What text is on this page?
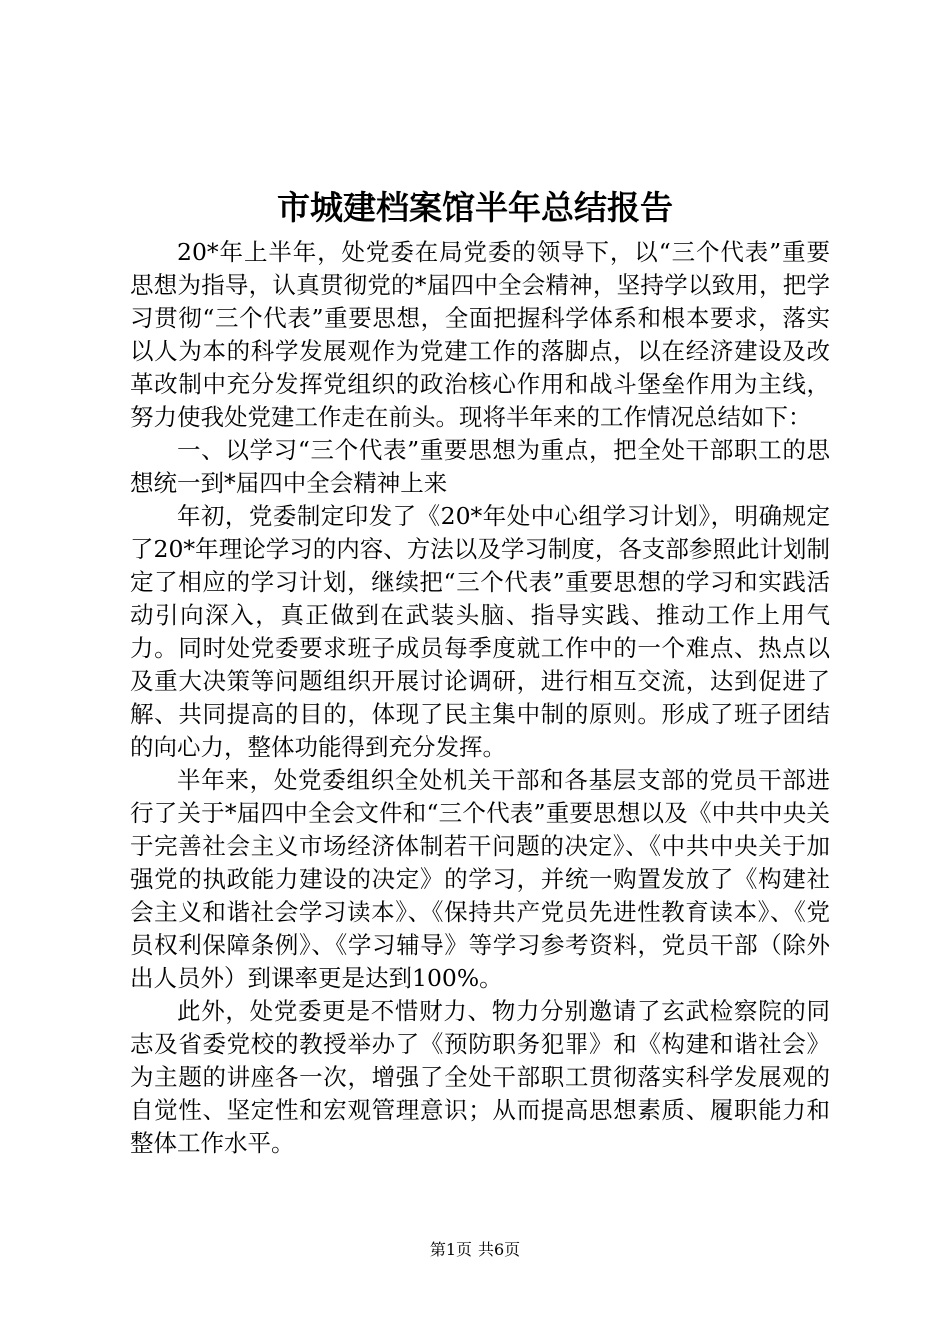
市城建档案馆半年总结报告

20*年上半年，处党委在局党委的领导下，以“三个代表”重要思想为指导，认真贯彻党的*届四中全会精神，坚持学以致用，把学习贯彻“三个代表”重要思想，全面把握科学体系和根本要求，落实以人为本的科学发展观作为党建工作的落脚点，以在经济建设及改革改制中充分发挥党组织的政治核心作用和战斗堡垒作用为主线，努力使我处党建工作走在前头。现将半年来的工作情况总结如下：

一、以学习“三个代表”重要思想为重点，把全处干部职工的思想统一到*届四中全会精神上来

年初，党委制定印发了《20*年处中心组学习计划》，明确规定了20*年理论学习的内容、方法以及学习制度，各支部参照此计划制定了相应的学习计划，继续把“三个代表”重要思想的学习和实践活动引向深入，真正做到在武装头脑、指导实践、推动工作上用气力。同时处党委要求班子成员每季度就工作中的一个难点、热点以及重大决策等问题组织开展讨论调研，进行相互交流，达到促进了解、共同提高的目的，体现了民主集中制的原则。形成了班子团结的向心力，整体功能得到充分发挥。

半年来，处党委组织全处机关干部和各基层支部的党员干部进行了关于*届四中全会文件和“三个代表”重要思想以及《中共中央关于完善社会主义市场经济体制若干问题的决定》、《中共中央关于加强党的执政能力建设的决定》的学习，并统一购置发放了《构建社会主义和谐社会学习读本》、《保持共产党员先进性教育读本》、《党员权利保障条例》、《学习辅导》等学习参考资料，党员干部（除外出人员外）到课率更是达到100%。

此外，处党委更是不惜财力、物力分别邀请了玄武检察院的同志及省委党校的教授举办了《预防职务犯罪》和《构建和谐社会》为主题的讲座各一次，增强了全处干部职工贯彻落实科学发展观的自觉性、坚定性和宏观管理意识；从而提高思想素质、履职能力和整体工作水平。

第1页 共6页
